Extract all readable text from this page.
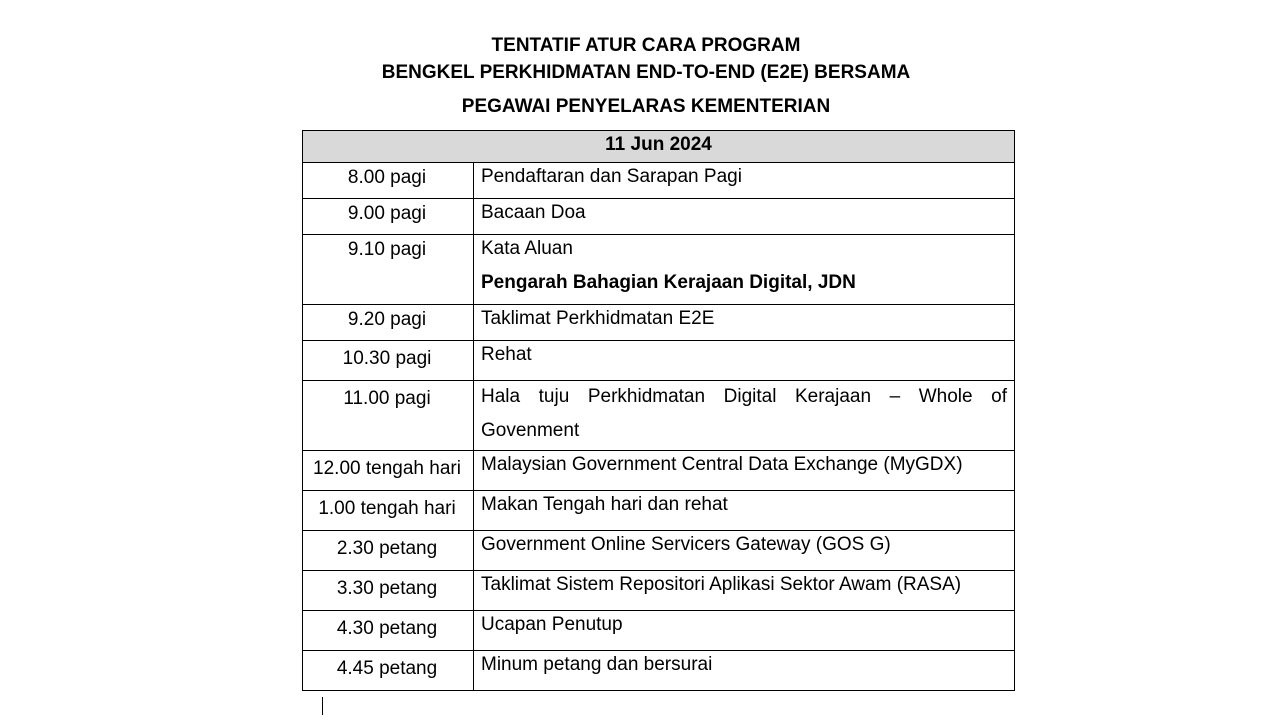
TENTATIF ATUR CARA PROGRAM
BENGKEL PERKHIDMATAN END-TO-END (E2E) BERSAMA
PEGAWAI PENYELARAS KEMENTERIAN
11 Jun 2024	
8.00 pagi	Pendaftaran dan Sarapan Pagi
9.00 pagi	Bacaan Doa
9.10 pagi	Kata Aluan
Pengarah Bahagian Kerajaan Digital, JDN

9.20 pagi	Taklimat Perkhidmatan E2E
10.30 pagi	Rehat
11.00 pagi	Hala tuju Perkhidmatan Digital Kerajaan – Whole of Govenment

12.00 tengah hari	Malaysian Government Central Data Exchange (MyGDX)
1.00 tengah hari	Makan Tengah hari dan rehat
2.30 petang	Government Online Servicers Gateway (GOS G)
3.30 petang	Taklimat Sistem Repositori Aplikasi Sektor Awam (RASA)
4.30 petang	Ucapan Penutup
4.45 petang	Minum petang dan bersurai
